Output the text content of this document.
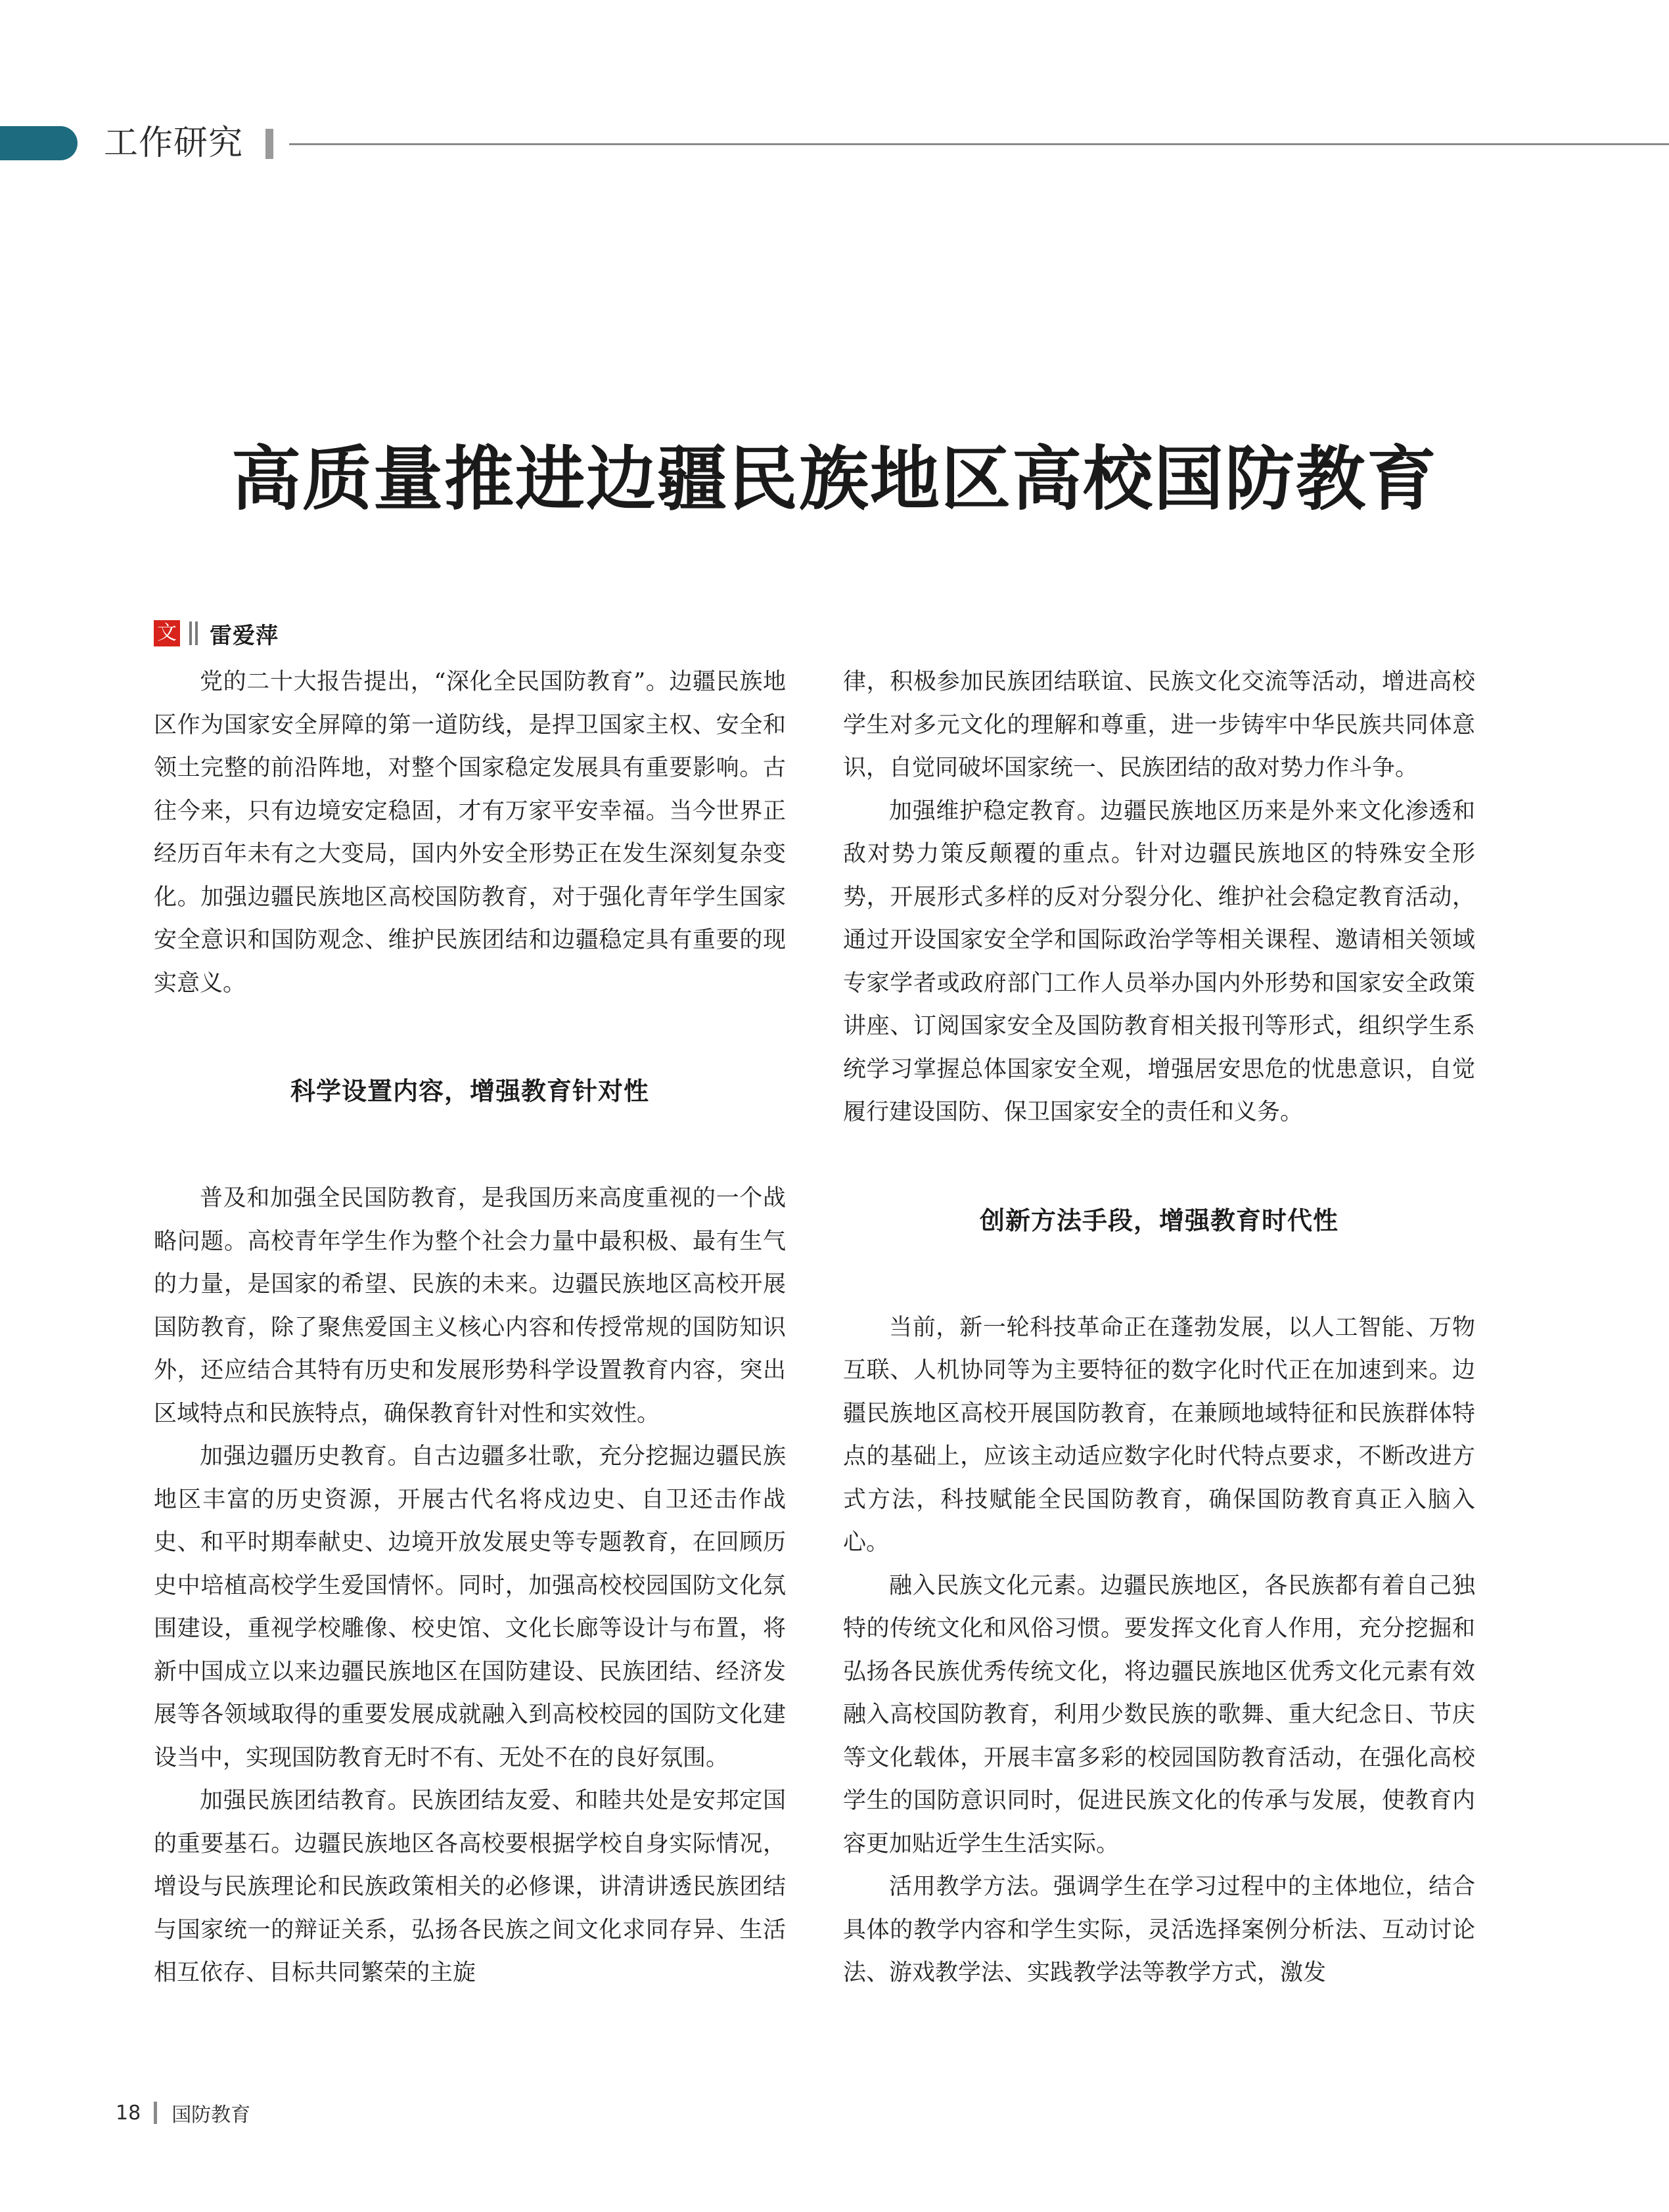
工作研究
高质量推进边疆民族地区高校国防教育
文 雷爱萍

党的二十大报告提出，“深化全民国防教育”。边疆民族地区作为国家安全屏障的第一道防线，是捍卫国家主权、安全和领土完整的前沿阵地，对整个国家稳定发展具有重要影响。古往今来，只有边境安定稳固，才有万家平安幸福。当今世界正经历百年未有之大变局，国内外安全形势正在发生深刻复杂变化。加强边疆民族地区高校国防教育，对于强化青年学生国家安全意识和国防观念、维护民族团结和边疆稳定具有重要的现实意义。

科学设置内容，增强教育针对性

普及和加强全民国防教育，是我国历来高度重视的一个战略问题。高校青年学生作为整个社会力量中最积极、最有生气的力量，是国家的希望、民族的未来。边疆民族地区高校开展国防教育，除了聚焦爱国主义核心内容和传授常规的国防知识外，还应结合其特有历史和发展形势科学设置教育内容，突出区域特点和民族特点，确保教育针对性和实效性。

加强边疆历史教育。自古边疆多壮歌，充分挖掘边疆民族地区丰富的历史资源，开展古代名将戍边史、自卫还击作战史、和平时期奉献史、边境开放发展史等专题教育，在回顾历史中培植高校学生爱国情怀。同时，加强高校校园国防文化氛围建设，重视学校雕像、校史馆、文化长廊等设计与布置，将新中国成立以来边疆民族地区在国防建设、民族团结、经济发展等各领域取得的重要发展成就融入到高校校园的国防文化建设当中，实现国防教育无时不有、无处不在的良好氛围。

加强民族团结教育。民族团结友爱、和睦共处是安邦定国的重要基石。边疆民族地区各高校要根据学校自身实际情况，增设与民族理论和民族政策相关的必修课，讲清讲透民族团结与国家统一的辩证关系，弘扬各民族之间文化求同存异、生活相互依存、目标共同繁荣的主旋

律，积极参加民族团结联谊、民族文化交流等活动，增进高校学生对多元文化的理解和尊重，进一步铸牢中华民族共同体意识，自觉同破坏国家统一、民族团结的敌对势力作斗争。

加强维护稳定教育。边疆民族地区历来是外来文化渗透和敌对势力策反颠覆的重点。针对边疆民族地区的特殊安全形势，开展形式多样的反对分裂分化、维护社会稳定教育活动，通过开设国家安全学和国际政治学等相关课程、邀请相关领域专家学者或政府部门工作人员举办国内外形势和国家安全政策讲座、订阅国家安全及国防教育相关报刊等形式，组织学生系统学习掌握总体国家安全观，增强居安思危的忧患意识，自觉履行建设国防、保卫国家安全的责任和义务。

创新方法手段，增强教育时代性

当前，新一轮科技革命正在蓬勃发展，以人工智能、万物互联、人机协同等为主要特征的数字化时代正在加速到来。边疆民族地区高校开展国防教育，在兼顾地域特征和民族群体特点的基础上，应该主动适应数字化时代特点要求，不断改进方式方法，科技赋能全民国防教育，确保国防教育真正入脑入心。

融入民族文化元素。边疆民族地区，各民族都有着自己独特的传统文化和风俗习惯。要发挥文化育人作用，充分挖掘和弘扬各民族优秀传统文化，将边疆民族地区优秀文化元素有效融入高校国防教育，利用少数民族的歌舞、重大纪念日、节庆等文化载体，开展丰富多彩的校园国防教育活动，在强化高校学生的国防意识同时，促进民族文化的传承与发展，使教育内容更加贴近学生生活实际。

活用教学方法。强调学生在学习过程中的主体地位，结合具体的教学内容和学生实际，灵活选择案例分析法、互动讨论法、游戏教学法、实践教学法等教学方式，激发

18 国防教育
